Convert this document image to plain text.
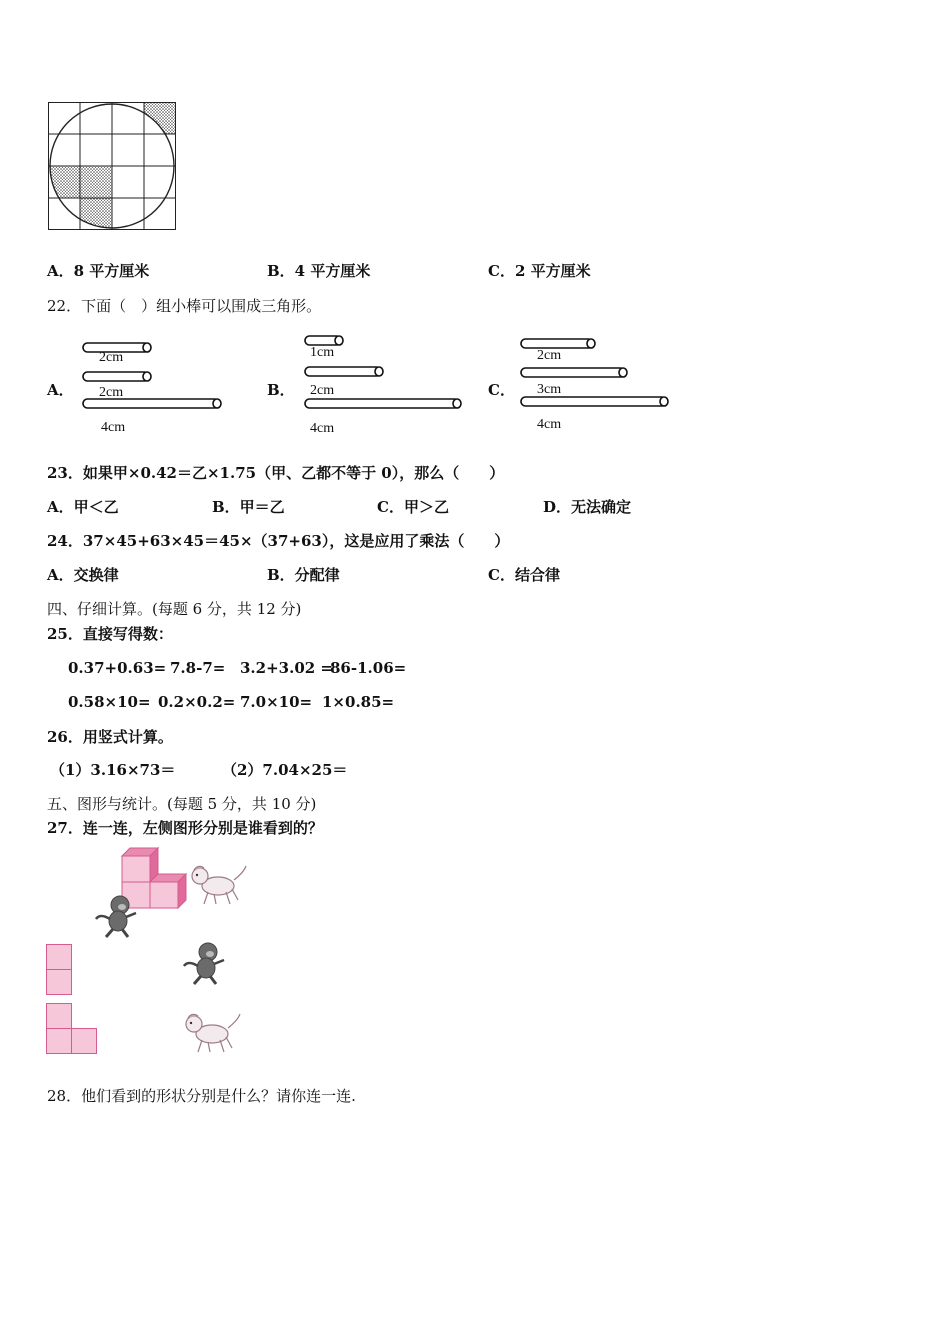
A．8 平方厘米	B．4 平方厘米	C．2 平方厘米
22．下面（　）组小棒可以围成三角形。
A．
2cm
2cm
4cm
B．
1cm
2cm
4cm
C．
2cm
3cm
4cm
23．如果甲×0.42＝乙×1.75（甲、乙都不等于 0），那么（　　）
A．甲＜乙	B．甲＝乙	C．甲＞乙	D．无法确定
24．37×45+63×45＝45×（37+63），这是应用了乘法（　　）
A．交换律	B．分配律	C．结合律
四、仔细计算。(每题 6 分，共 12 分)
25．直接写得数：
0.37+0.63= 7.8-7= 3.2+3.02 =
86-1.06=
0.58×10= 0.2×0.2= 7.0×10= 1×0.85=
26．用竖式计算。
（1）3.16×73＝	（2）7.04×25＝
五、图形与统计。(每题 5 分，共 10 分)
27．连一连，左侧图形分别是谁看到的？
28．他们看到的形状分别是什么？请你连一连.
